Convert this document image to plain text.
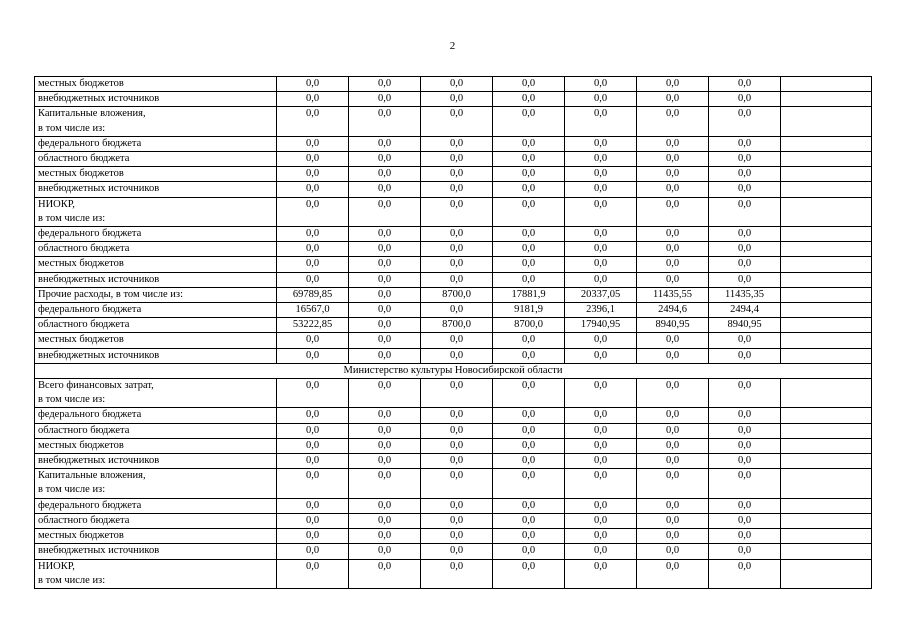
2
местных бюджетов	0,0	0,0	0,0	0,0	0,0	0,0	0,0	

внебюджетных источников	0,0	0,0	0,0	0,0	0,0	0,0	0,0	

Капитальные вложения,
в том числе из:	0,0	0,0	0,0	0,0	0,0	0,0	0,0	

федерального бюджета	0,0	0,0	0,0	0,0	0,0	0,0	0,0	

областного бюджета	0,0	0,0	0,0	0,0	0,0	0,0	0,0	

местных бюджетов	0,0	0,0	0,0	0,0	0,0	0,0	0,0	

внебюджетных источников	0,0	0,0	0,0	0,0	0,0	0,0	0,0	

НИОКР,
в том числе из:	0,0	0,0	0,0	0,0	0,0	0,0	0,0	

федерального бюджета	0,0	0,0	0,0	0,0	0,0	0,0	0,0	

областного бюджета	0,0	0,0	0,0	0,0	0,0	0,0	0,0	

местных бюджетов	0,0	0,0	0,0	0,0	0,0	0,0	0,0	

внебюджетных источников	0,0	0,0	0,0	0,0	0,0	0,0	0,0	

Прочие расходы, в том числе из:	69789,85	0,0	8700,0	17881,9	20337,05	11435,55	11435,35	

федерального бюджета	16567,0	0,0	0,0	9181,9	2396,1	2494,6	2494,4	

областного бюджета	53222,85	0,0	8700,0	8700,0	17940,95	8940,95	8940,95	

местных бюджетов	0,0	0,0	0,0	0,0	0,0	0,0	0,0	

внебюджетных источников	0,0	0,0	0,0	0,0	0,0	0,0	0,0	
Министерство культуры Новосибирской области								

Всего финансовых затрат,
в том числе из:	0,0	0,0	0,0	0,0	0,0	0,0	0,0	

федерального бюджета	0,0	0,0	0,0	0,0	0,0	0,0	0,0	

областного бюджета	0,0	0,0	0,0	0,0	0,0	0,0	0,0	

местных бюджетов	0,0	0,0	0,0	0,0	0,0	0,0	0,0	

внебюджетных источников	0,0	0,0	0,0	0,0	0,0	0,0	0,0	

Капитальные вложения,
в том числе из:	0,0	0,0	0,0	0,0	0,0	0,0	0,0	

федерального бюджета	0,0	0,0	0,0	0,0	0,0	0,0	0,0	

областного бюджета	0,0	0,0	0,0	0,0	0,0	0,0	0,0	

местных бюджетов	0,0	0,0	0,0	0,0	0,0	0,0	0,0	

внебюджетных источников	0,0	0,0	0,0	0,0	0,0	0,0	0,0	

НИОКР,
в том числе из:	0,0	0,0	0,0	0,0	0,0	0,0	0,0	
